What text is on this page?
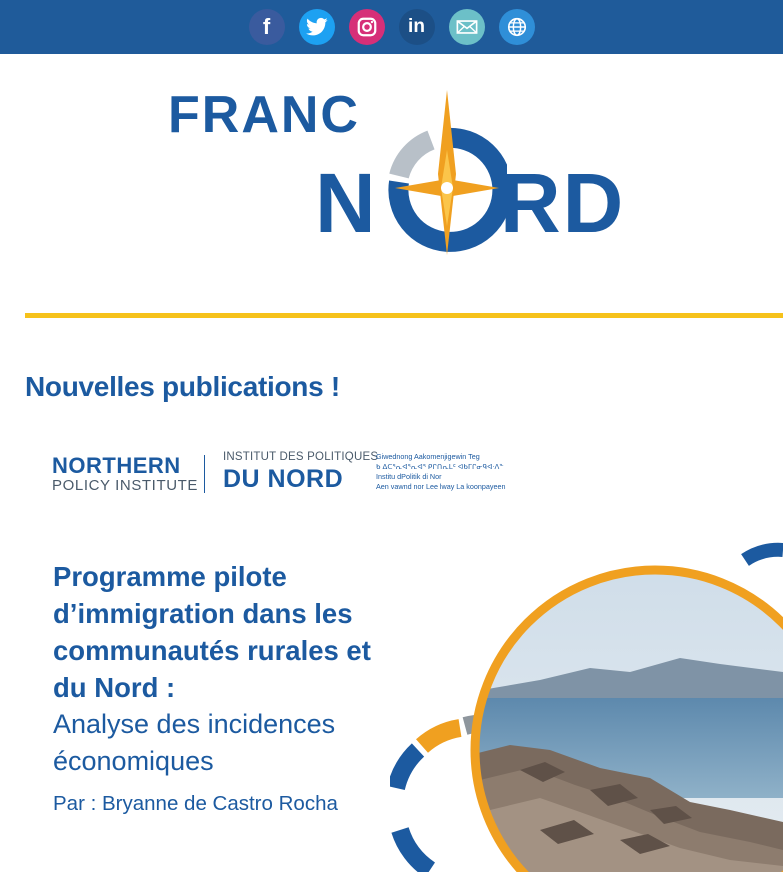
f	in
FRANC
N RD
Nouvelles publications !
NORTHERN
POLICY INSTITUTE
INSTITUT DES POLITIQUES
DU NORD
Giwednong Aakomenjigewin Teg
ᑲ ᐃᑕᕐᕆᐊᕐᕆᐊᕐ ᑭᒋᑎᕆᒪᑦ ᐊᑲᒥᒋᓂᑫᐊᐧᐱᓐ
Institu dPolitik di Nor
Aen vawnd nor Lee lway La koonpayeen
Programme pilote
d’immigration dans les
communautés rurales et
du Nord :
Analyse des incidences
économiques
Par : Bryanne de Castro Rocha
